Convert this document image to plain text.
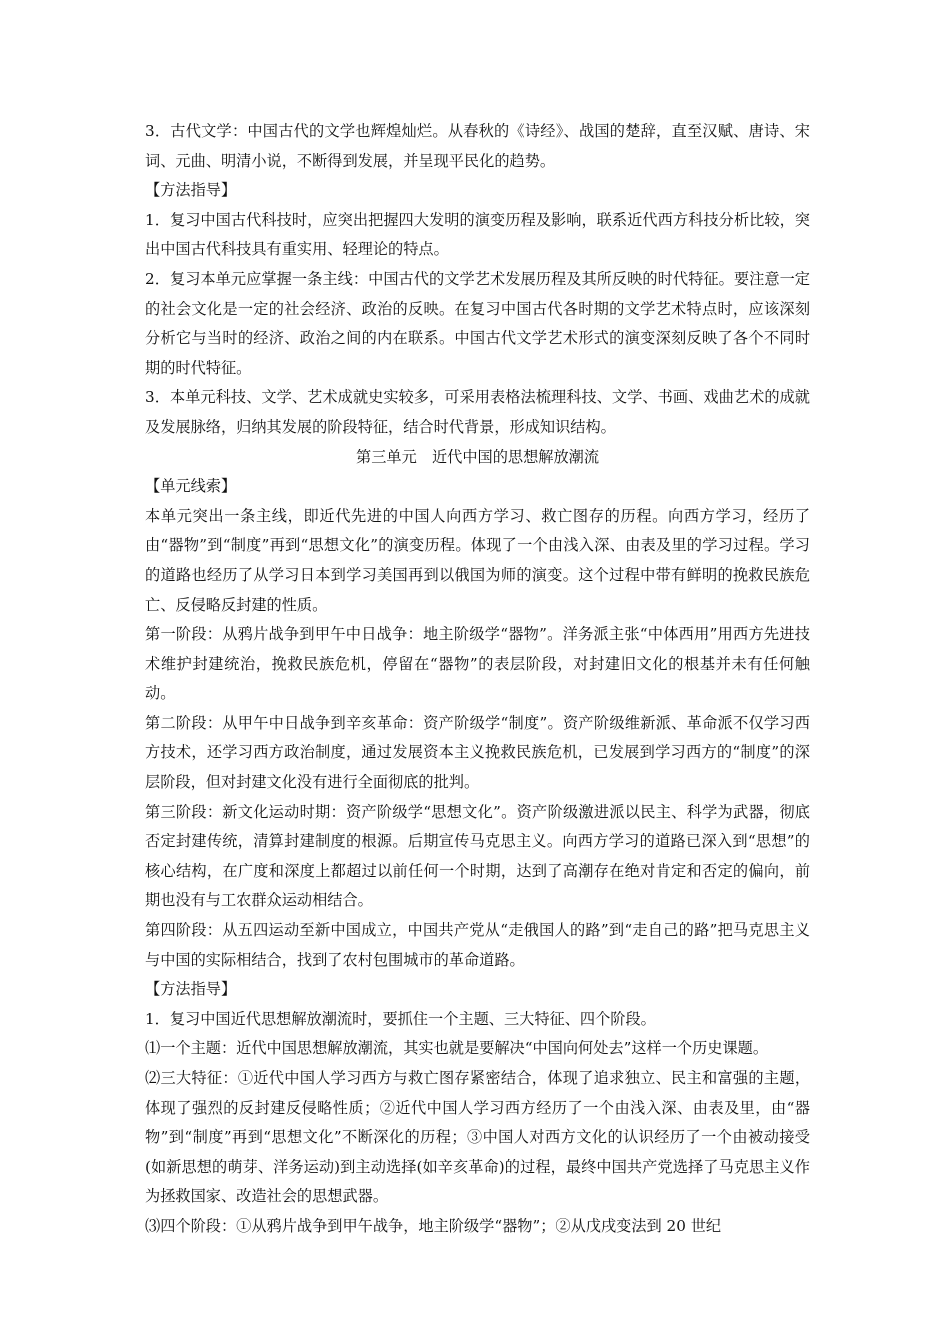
3．古代文学：中国古代的文学也辉煌灿烂。从春秋的《诗经》、战国的楚辞，直至汉赋、唐诗、宋词、元曲、明清小说，不断得到发展，并呈现平民化的趋势。

【方法指导】

1．复习中国古代科技时，应突出把握四大发明的演变历程及影响，联系近代西方科技分析比较，突出中国古代科技具有重实用、轻理论的特点。

2．复习本单元应掌握一条主线：中国古代的文学艺术发展历程及其所反映的时代特征。要注意一定的社会文化是一定的社会经济、政治的反映。在复习中国古代各时期的文学艺术特点时，应该深刻分析它与当时的经济、政治之间的内在联系。中国古代文学艺术形式的演变深刻反映了各个不同时期的时代特征。

3．本单元科技、文学、艺术成就史实较多，可采用表格法梳理科技、文学、书画、戏曲艺术的成就及发展脉络，归纳其发展的阶段特征，结合时代背景，形成知识结构。

第三单元　近代中国的思想解放潮流

【单元线索】

本单元突出一条主线，即近代先进的中国人向西方学习、救亡图存的历程。向西方学习，经历了由“器物”到“制度”再到“思想文化”的演变历程。体现了一个由浅入深、由表及里的学习过程。学习的道路也经历了从学习日本到学习美国再到以俄国为师的演变。这个过程中带有鲜明的挽救民族危亡、反侵略反封建的性质。

第一阶段：从鸦片战争到甲午中日战争：地主阶级学“器物”。洋务派主张“中体西用”用西方先进技术维护封建统治，挽救民族危机，停留在“器物”的表层阶段，对封建旧文化的根基并未有任何触动。

第二阶段：从甲午中日战争到辛亥革命：资产阶级学“制度”。资产阶级维新派、革命派不仅学习西方技术，还学习西方政治制度，通过发展资本主义挽救民族危机，已发展到学习西方的“制度”的深层阶段，但对封建文化没有进行全面彻底的批判。

第三阶段：新文化运动时期：资产阶级学“思想文化”。资产阶级激进派以民主、科学为武器，彻底否定封建传统，清算封建制度的根源。后期宣传马克思主义。向西方学习的道路已深入到“思想”的核心结构，在广度和深度上都超过以前任何一个时期，达到了高潮存在绝对肯定和否定的偏向，前期也没有与工农群众运动相结合。

第四阶段：从五四运动至新中国成立，中国共产党从“走俄国人的路”到“走自己的路”把马克思主义与中国的实际相结合，找到了农村包围城市的革命道路。

【方法指导】

1．复习中国近代思想解放潮流时，要抓住一个主题、三大特征、四个阶段。

⑴一个主题：近代中国思想解放潮流，其实也就是要解决“中国向何处去”这样一个历史课题。

⑵三大特征：①近代中国人学习西方与救亡图存紧密结合，体现了追求独立、民主和富强的主题，体现了强烈的反封建反侵略性质；②近代中国人学习西方经历了一个由浅入深、由表及里，由“器物”到“制度”再到“思想文化”不断深化的历程；③中国人对西方文化的认识经历了一个由被动接受(如新思想的萌芽、洋务运动)到主动选择(如辛亥革命)的过程，最终中国共产党选择了马克思主义作为拯救国家、改造社会的思想武器。

⑶四个阶段：①从鸦片战争到甲午战争，地主阶级学“器物”；②从戊戌变法到 20 世纪
